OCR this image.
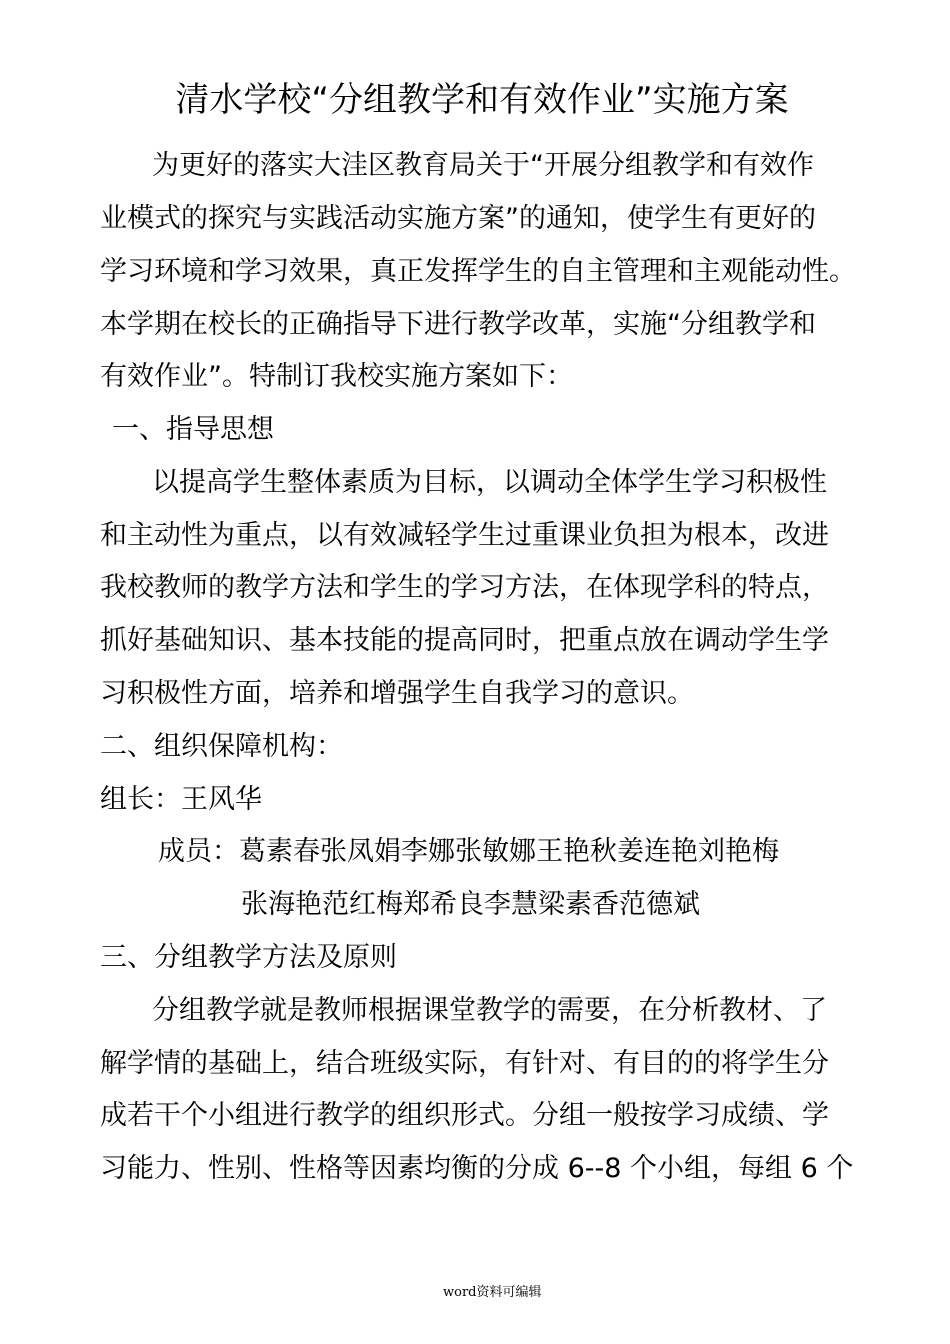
清水学校“分组教学和有效作业”实施方案
为更好的落实大洼区教育局关于“开展分组教学和有效作
业模式的探究与实践活动实施方案”的通知，使学生有更好的
学习环境和学习效果，真正发挥学生的自主管理和主观能动性。
本学期在校长的正确指导下进行教学改革，实施“分组教学和
有效作业”。特制订我校实施方案如下：
一、指导思想
以提高学生整体素质为目标，以调动全体学生学习积极性
和主动性为重点，以有效减轻学生过重课业负担为根本，改进
我校教师的教学方法和学生的学习方法，在体现学科的特点，
抓好基础知识、基本技能的提高同时，把重点放在调动学生学
习积极性方面，培养和增强学生自我学习的意识。
二、组织保障机构：
组长：王风华
成员：葛素春张凤娟李娜张敏娜王艳秋姜连艳刘艳梅
张海艳范红梅郑希良李慧梁素香范德斌
三、分组教学方法及原则
分组教学就是教师根据课堂教学的需要，在分析教材、了
解学情的基础上，结合班级实际，有针对、有目的的将学生分
成若干个小组进行教学的组织形式。分组一般按学习成绩、学
习能力、性别、性格等因素均衡的分成 6--8 个小组，每组 6 个
word资料可编辑
